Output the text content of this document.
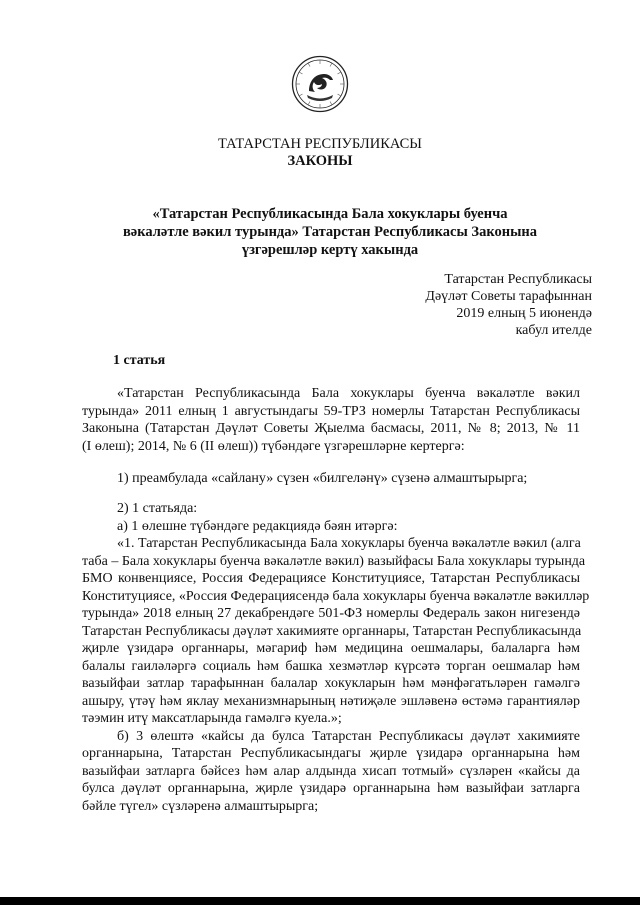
ТАТАРСТАН РЕСПУБЛИКАСЫ
ЗАКОНЫ
«Татарстан Республикасында Бала хокуклары буенча
вәкаләтле вәкил турында» Татарстан Республикасы Законына
үзгәрешләр кертү хакында
Татарстан Республикасы
Дәүләт Советы тарафыннан
2019 елның 5 июнендә
кабул ителде
1 статья
«Татарстан Республикасында Бала хокуклары буенча вәкаләтле вәкил
турында» 2011 елның 1 августындагы 59-ТРЗ номерлы Татарстан Республикасы
Законына (Татарстан Дәүләт Советы Җыелма басмасы, 2011, № 8; 2013, № 11
(I өлеш); 2014, № 6 (II өлеш)) түбәндәге үзгәрешләрне кертергә:
1) преамбулада «сайлану» сүзен «билгеләнү» сүзенә алмаштырырга;
2) 1 статьяда:
а) 1 өлешне түбәндәге редакциядә бәян итәргә:
«1. Татарстан Республикасында Бала хокуклары буенча вәкаләтле вәкил (алга
таба – Бала хокуклары буенча вәкаләтле вәкил) вазыйфасы Бала хокуклары турында
БМО конвенциясе, Россия Федерациясе Конституциясе, Татарстан Республикасы
Конституциясе, «Россия Федерациясендә бала хокуклары буенча вәкаләтле вәкилләр
турында» 2018 елның 27 декабрендәге 501-ФЗ номерлы Федераль закон нигезендә
Татарстан Республикасы дәүләт хакимияте органнары, Татарстан Республикасында
җирле үзидарә органнары, мәгариф һәм медицина оешмалары, балаларга һәм
балалы гаиләләргә социаль һәм башка хезмәтләр күрсәтә торган оешмалар һәм
вазыйфаи затлар тарафыннан балалар хокукларын һәм мәнфәгатьләрен гамәлгә
ашыру, үтәү һәм яклау механизмнарының нәтиҗәле эшләвенә өстәмә гарантияләр
тәэмин итү максатларында гамәлгә куела.»;
б) 3 өлештә «кайсы да булса Татарстан Республикасы дәүләт хакимияте
органнарына, Татарстан Республикасындагы җирле үзидарә органнарына һәм
вазыйфаи затларга бәйсез һәм алар алдында хисап тотмый» сүзләрен «кайсы да
булса дәүләт органнарына, җирле үзидарә органнарына һәм вазыйфаи затларга
бәйле түгел» сүзләренә алмаштырырга;
